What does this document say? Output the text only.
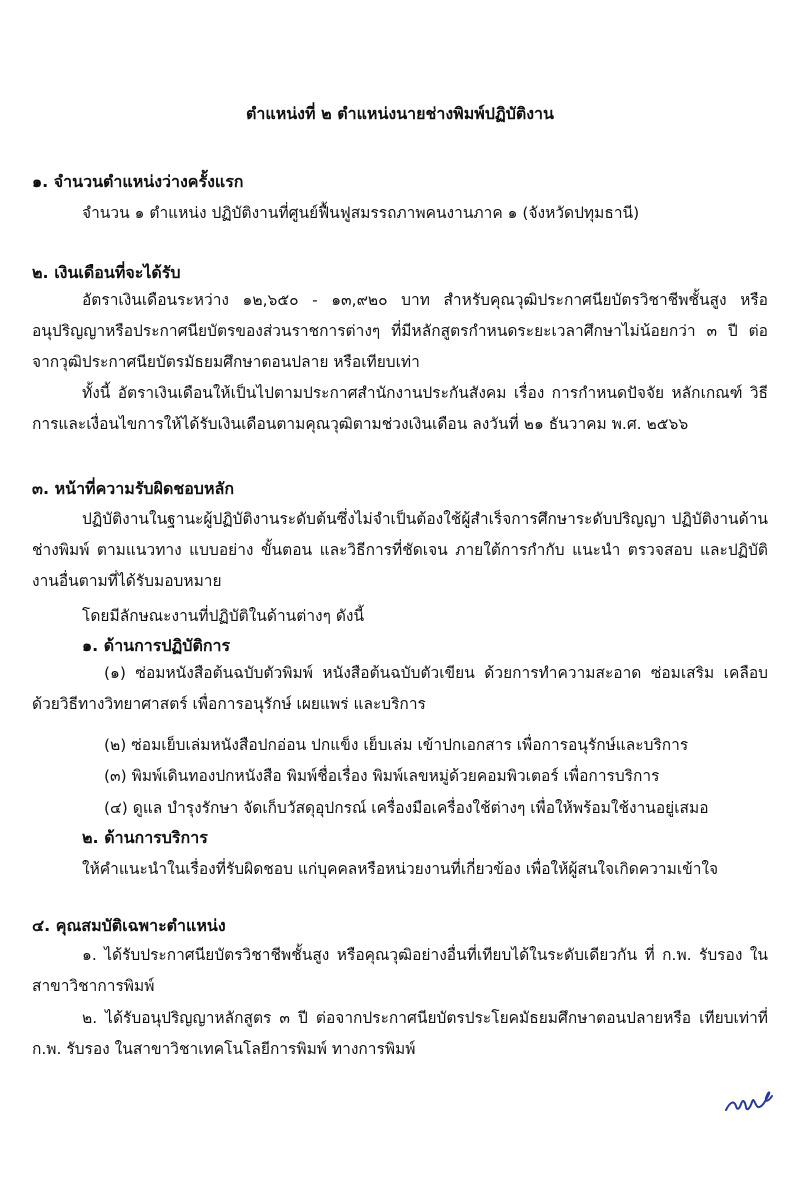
ตำแหน่งที่ ๒ ตำแหน่งนายช่างพิมพ์ปฏิบัติงาน
๑. จำนวนตำแหน่งว่างครั้งแรก
จำนวน ๑ ตำแหน่ง ปฏิบัติงานที่ศูนย์ฟื้นฟูสมรรถภาพคนงานภาค ๑ (จังหวัดปทุมธานี)
๒. เงินเดือนที่จะได้รับ
อัตราเงินเดือนระหว่าง ๑๒,๖๕๐ - ๑๓,๙๒๐ บาท สำหรับคุณวุฒิประกาศนียบัตรวิชาชีพชั้นสูง หรืออนุปริญญาหรือประกาศนียบัตรของส่วนราชการต่างๆ ที่มีหลักสูตรกำหนดระยะเวลาศึกษาไม่น้อยกว่า ๓ ปี ต่อจากวุฒิประกาศนียบัตรมัธยมศึกษาตอนปลาย หรือเทียบเท่า
ทั้งนี้ อัตราเงินเดือนให้เป็นไปตามประกาศสำนักงานประกันสังคม เรื่อง การกำหนดปัจจัย หลักเกณฑ์ วิธีการและเงื่อนไขการให้ได้รับเงินเดือนตามคุณวุฒิตามช่วงเงินเดือน ลงวันที่ ๒๑ ธันวาคม พ.ศ. ๒๕๖๖
๓. หน้าที่ความรับผิดชอบหลัก
ปฏิบัติงานในฐานะผู้ปฏิบัติงานระดับต้นซึ่งไม่จำเป็นต้องใช้ผู้สำเร็จการศึกษาระดับปริญญา ปฏิบัติงานด้านช่างพิมพ์ ตามแนวทาง แบบอย่าง ขั้นตอน และวิธีการที่ชัดเจน ภายใต้การกำกับ แนะนำ ตรวจสอบ และปฏิบัติงานอื่นตามที่ได้รับมอบหมาย
โดยมีลักษณะงานที่ปฏิบัติในด้านต่างๆ ดังนี้
๑. ด้านการปฏิบัติการ
(๑) ซ่อมหนังสือต้นฉบับตัวพิมพ์ หนังสือต้นฉบับตัวเขียน ด้วยการทำความสะอาด ซ่อมเสริม เคลือบด้วยวิธีทางวิทยาศาสตร์ เพื่อการอนุรักษ์ เผยแพร่ และบริการ
(๒) ซ่อมเย็บเล่มหนังสือปกอ่อน ปกแข็ง เย็บเล่ม เข้าปกเอกสาร เพื่อการอนุรักษ์และบริการ
(๓) พิมพ์เดินทองปกหนังสือ พิมพ์ชื่อเรื่อง พิมพ์เลขหมู่ด้วยคอมพิวเตอร์ เพื่อการบริการ
(๔) ดูแล บำรุงรักษา จัดเก็บวัสดุอุปกรณ์ เครื่องมือเครื่องใช้ต่างๆ เพื่อให้พร้อมใช้งานอยู่เสมอ
๒. ด้านการบริการ
ให้คำแนะนำในเรื่องที่รับผิดชอบ แก่บุคคลหรือหน่วยงานที่เกี่ยวข้อง เพื่อให้ผู้สนใจเกิดความเข้าใจ
๔. คุณสมบัติเฉพาะตำแหน่ง
๑. ได้รับประกาศนียบัตรวิชาชีพชั้นสูง หรือคุณวุฒิอย่างอื่นที่เทียบได้ในระดับเดียวกัน ที่ ก.พ. รับรอง ในสาขาวิชาการพิมพ์
๒. ได้รับอนุปริญญาหลักสูตร ๓ ปี ต่อจากประกาศนียบัตรประโยคมัธยมศึกษาตอนปลายหรือ เทียบเท่าที่ ก.พ. รับรอง ในสาขาวิชาเทคโนโลยีการพิมพ์ ทางการพิมพ์
